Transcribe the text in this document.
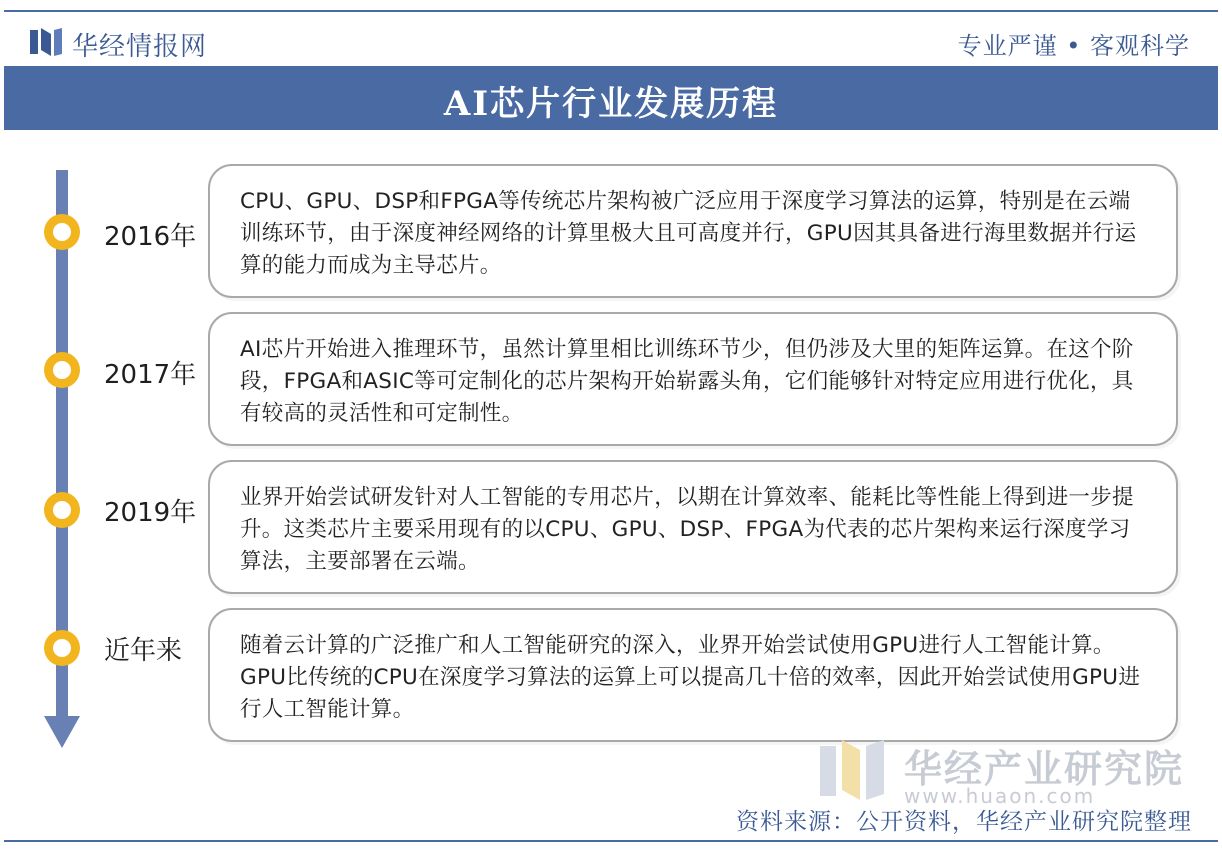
华经情报网	专业严谨 • 客观科学
AI芯片行业发展历程
2016年
CPU、GPU、DSP和FPGA等传统芯片架构被广泛应用于深度学习算法的运算，特别是在云端训练环节，由于深度神经网络的计算里极大且可高度并行，GPU因其具备进行海里数据并行运算的能力而成为主导芯片。
2017年
AI芯片开始进入推理环节，虽然计算里相比训练环节少，但仍涉及大里的矩阵运算。在这个阶段，FPGA和ASIC等可定制化的芯片架构开始崭露头角，它们能够针对特定应用进行优化，具有较高的灵活性和可定制性。
2019年
业界开始尝试研发针对人工智能的专用芯片，以期在计算效率、能耗比等性能上得到进一步提升。这类芯片主要采用现有的以CPU、GPU、DSP、FPGA为代表的芯片架构来运行深度学习算法，主要部署在云端。
近年来	随着云计算的广泛推广和人工智能研究的深入，业界开始尝试使用GPU进行人工智能计算。GPU比传统的CPU在深度学习算法的运算上可以提高几十倍的效率，因此开始尝试使用GPU进行人工智能计算。
华经产业研究院
www.huaon.com
资料来源：公开资料，华经产业研究院整理
